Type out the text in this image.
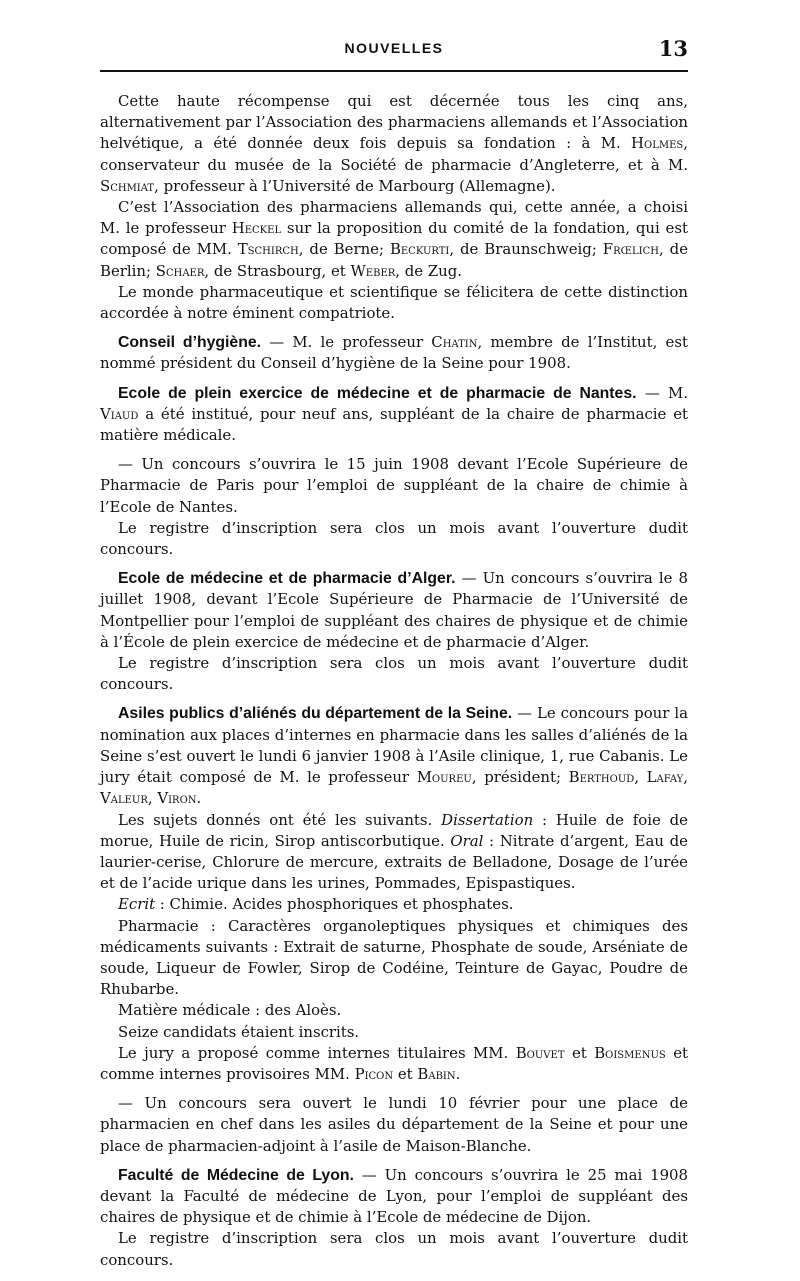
NOUVELLES	13

Cette haute récompense qui est décernée tous les cinq ans, alternativement par l’Association des pharmaciens allemands et l’Association helvétique, a été donnée deux fois depuis sa fondation : à M. Holmes, conservateur du musée de la Société de pharmacie d’Angleterre, et à M. Schmiat, professeur à l’Université de Marbourg (Allemagne).

C’est l’Association des pharmaciens allemands qui, cette année, a choisi M. le professeur Heckel sur la proposition du comité de la fondation, qui est composé de MM. Tschirch, de Berne; Beckurti, de Braunschweig; Frœlich, de Berlin; Schaer, de Strasbourg, et Weber, de Zug.

Le monde pharmaceutique et scientifique se félicitera de cette distinction accordée à notre éminent compatriote.

Conseil d’hygiène. — M. le professeur Chatin, membre de l’Institut, est nommé président du Conseil d’hygiène de la Seine pour 1908.

Ecole de plein exercice de médecine et de pharmacie de Nantes. — M. Viaud a été institué, pour neuf ans, suppléant de la chaire de pharmacie et matière médicale.

— Un concours s’ouvrira le 15 juin 1908 devant l’Ecole Supérieure de Pharmacie de Paris pour l’emploi de suppléant de la chaire de chimie à l’Ecole de Nantes.

Le registre d’inscription sera clos un mois avant l’ouverture dudit concours.

Ecole de médecine et de pharmacie d’Alger. — Un concours s’ouvrira le 8 juillet 1908, devant l’Ecole Supérieure de Pharmacie de l’Université de Montpellier pour l’emploi de suppléant des chaires de physique et de chimie à l’École de plein exercice de médecine et de pharmacie d’Alger.

Le registre d’inscription sera clos un mois avant l’ouverture dudit concours.

Asiles publics d’aliénés du département de la Seine. — Le concours pour la nomination aux places d’internes en pharmacie dans les salles d’aliénés de la Seine s’est ouvert le lundi 6 janvier 1908 à l’Asile clinique, 1, rue Cabanis. Le jury était composé de M. le professeur Moureu, président; Berthoud, Lafay, Valeur, Viron.

Les sujets donnés ont été les suivants. Dissertation : Huile de foie de morue, Huile de ricin, Sirop antiscorbutique. Oral : Nitrate d’argent, Eau de laurier-cerise, Chlorure de mercure, extraits de Belladone, Dosage de l’urée et de l’acide urique dans les urines, Pommades, Epispastiques.

Ecrit : Chimie. Acides phosphoriques et phosphates.

Pharmacie : Caractères organoleptiques physiques et chimiques des médicaments suivants : Extrait de saturne, Phosphate de soude, Arséniate de soude, Liqueur de Fowler, Sirop de Codéine, Teinture de Gayac, Poudre de Rhubarbe.

Matière médicale : des Aloès.

Seize candidats étaient inscrits.

Le jury a proposé comme internes titulaires MM. Bouvet et Boismenus et comme internes provisoires MM. Picon et Babin.

— Un concours sera ouvert le lundi 10 février pour une place de pharmacien en chef dans les asiles du département de la Seine et pour une place de pharmacien-adjoint à l’asile de Maison-Blanche.

Faculté de Médecine de Lyon. — Un concours s’ouvrira le 25 mai 1908 devant la Faculté de médecine de Lyon, pour l’emploi de suppléant des chaires de physique et de chimie à l’Ecole de médecine de Dijon.

Le registre d’inscription sera clos un mois avant l’ouverture dudit concours.
